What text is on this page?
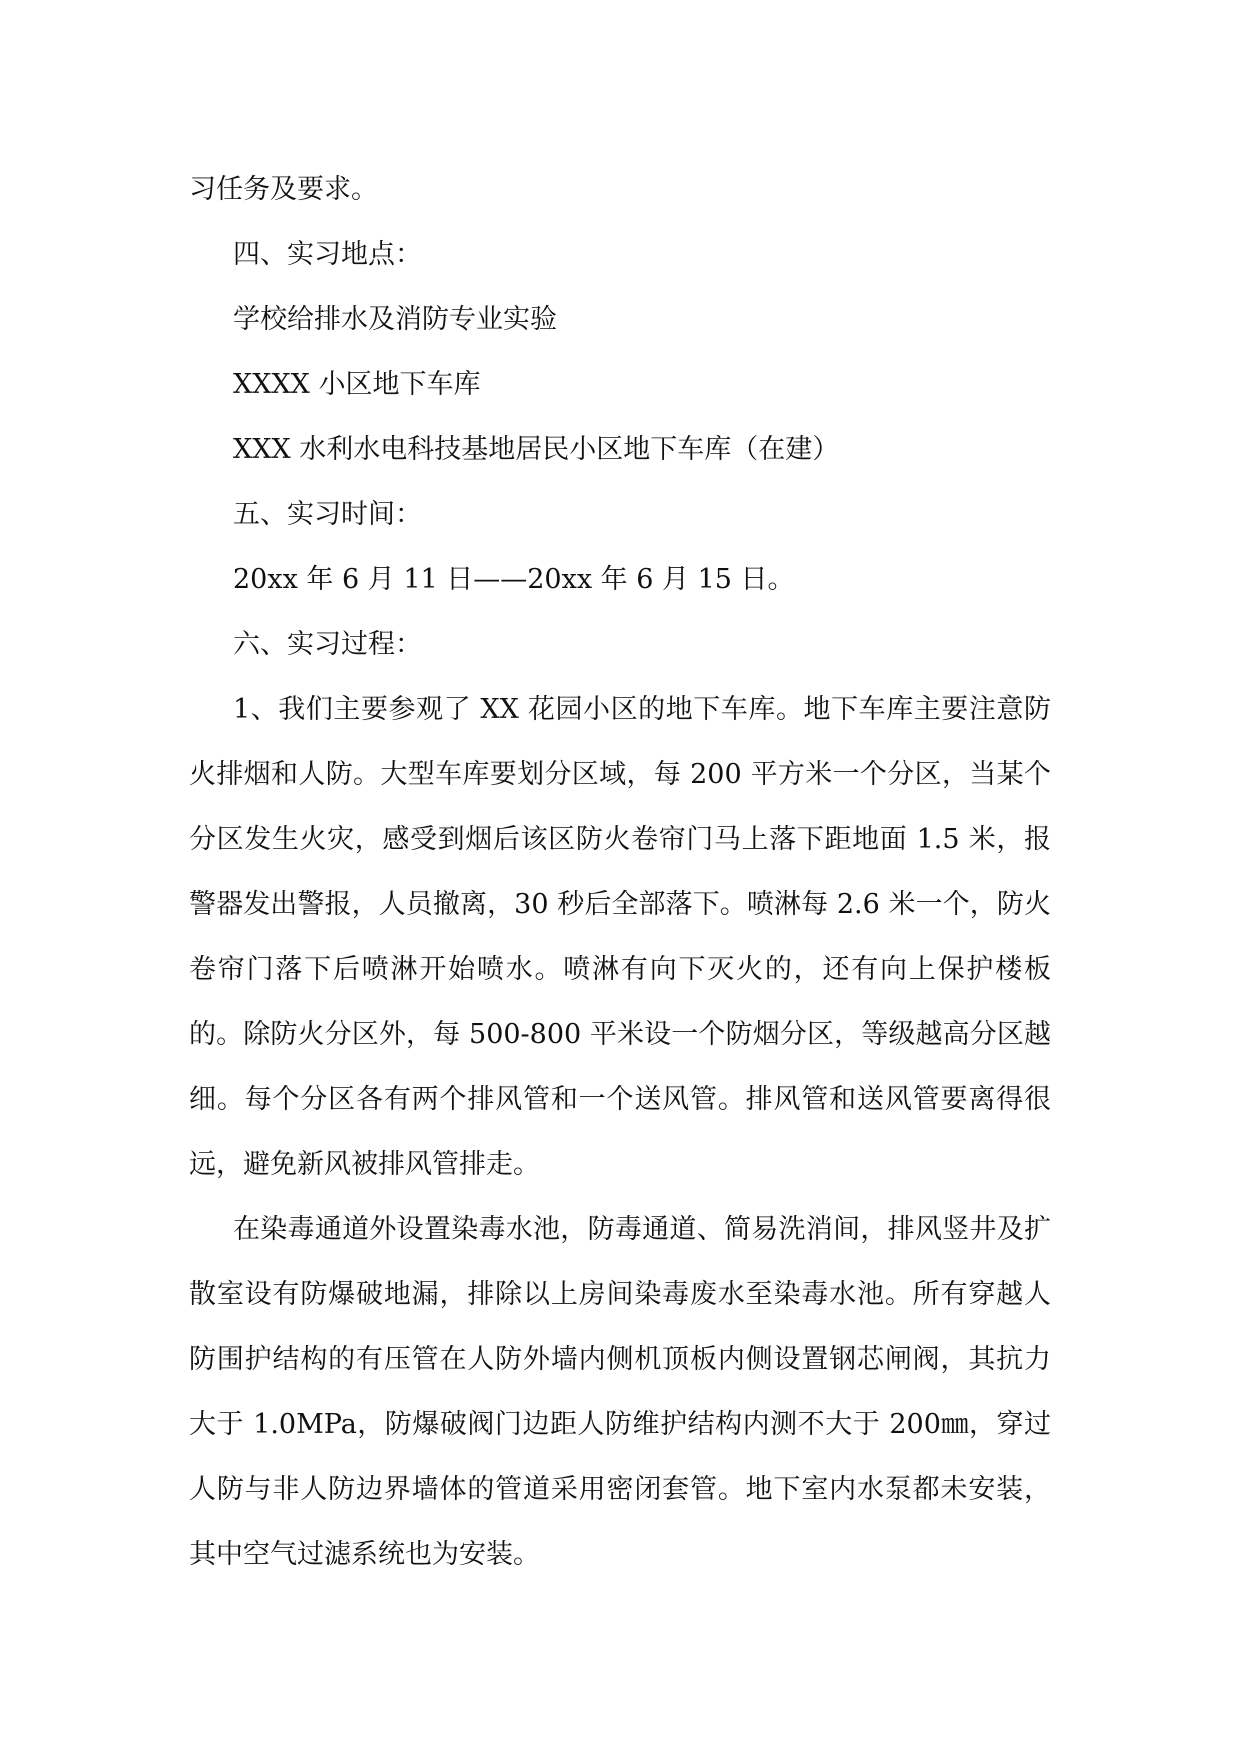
习任务及要求。

四、实习地点：

学校给排水及消防专业实验

XXXX 小区地下车库

XXX 水利水电科技基地居民小区地下车库（在建）

五、实习时间：

20xx 年 6 月 11 日——20xx 年 6 月 15 日。

六、实习过程：

1、我们主要参观了 XX 花园小区的地下车库。地下车库主要注意防火排烟和人防。大型车库要划分区域，每 200 平方米一个分区，当某个分区发生火灾，感受到烟后该区防火卷帘门马上落下距地面 1.5 米，报警器发出警报，人员撤离，30 秒后全部落下。喷淋每 2.6 米一个，防火卷帘门落下后喷淋开始喷水。喷淋有向下灭火的，还有向上保护楼板的。除防火分区外，每 500-800 平米设一个防烟分区，等级越高分区越细。每个分区各有两个排风管和一个送风管。排风管和送风管要离得很远，避免新风被排风管排走。

在染毒通道外设置染毒水池，防毒通道、简易洗消间，排风竖井及扩散室设有防爆破地漏，排除以上房间染毒废水至染毒水池。所有穿越人防围护结构的有压管在人防外墙内侧机顶板内侧设置钢芯闸阀，其抗力大于 1.0MPa，防爆破阀门边距人防维护结构内测不大于 200㎜，穿过人防与非人防边界墙体的管道采用密闭套管。地下室内水泵都未安装，其中空气过滤系统也为安装。
